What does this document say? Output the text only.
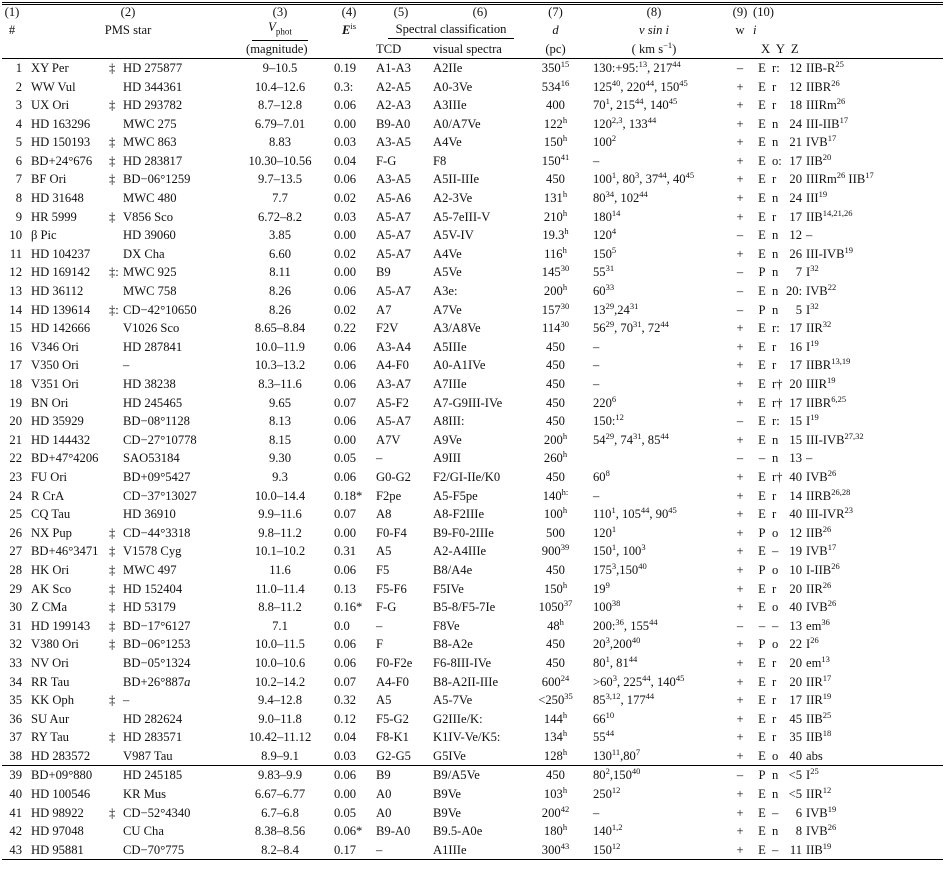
(1)	(2)		(3)	(4)	(5)	(6)	(7)	(8)	(9)	(10)		
#	PMS star		$V_{phot}$	$E^{is}$	Spectral classification		d	v sin i	w	i		
			(magnitude)		TCD	visual spectra	(pc)	( km $s^{-1}$)		X  Y  Z		
1	XY Per	‡ HD 275877	9–10.5	0.19	A1-A3	A2IIe	$350^{15}$	130:+95:$^{13}$, $217^{44}$	–	E	r:	12 IIB-$R^{25}$
2	WW Vul	HD 344361	10.4–12.6	0.3:	A2-A5	A0-3Ve	$534^{16}$	$125^{40}$, $220^{44}$, $150^{45}$	+	E	r	12 IIBR$^{26}$
3	UX Ori	‡ HD 293782	8.7–12.8	0.06	A2-A3	A3IIIe	400	$70^1$, $215^{44}$, $140^{45}$	+	E	r	18 IIIRm$^{26}$
4	HD 163296	MWC 275	6.79–7.01	0.00	B9-A0	A0/A7Ve	122$^h$	120$^{2,3}$, $133^{44}$	+	E	n	24 III-IIB$^{17}$
5	HD 150193	‡ MWC 863	8.83	0.03	A3-A5	A4Ve	150$^h$	$100^2$	+	E	n	21 IVB$^{17}$
6	BD+24°676	‡ HD 283817	10.30–10.56	0.04	F-G	F8	$150^{41}$	–	+	E	o:	17 IIB$^{20}$
7	BF Ori	‡ BD−06°1259	9.7–13.5	0.06	A3-A5	A5II-IIIe	450	$100^1$, $80^3$, $37^{44}$, $40^{45}$	+	E	r	20 IIIRm$^{26}$ IIB$^{17}$
8	HD 31648	MWC 480	7.7	0.02	A5-A6	A2-3Ve	131$^h$	$80^{34}$, $102^{44}$	+	E	n	24 III$^{19}$
9	HR 5999	‡ V856 Sco	6.72–8.2	0.03	A5-A7	A5-7eIII-V	210$^h$	$180^{14}$	+	E	r	17 IIB$^{14,21,26}$
10	β Pic	HD 39060	3.85	0.00	A5-A7	A5V-IV	19.3$^h$	$120^4$	–	E	n	12 –
11	HD 104237	DX Cha	6.60	0.02	A5-A7	A4Ve	116$^h$	$150^5$	+	E	n	26 III-IVB$^{19}$
12	HD 169142	‡: MWC 925	8.11	0.00	B9	A5Ve	$145^{30}$	$55^{31}$	–	P	n	7 $I^{32}$
13	HD 36112	MWC 758	8.26	0.06	A5-A7	A3e:	200$^h$	$60^{33}$	–	E	n	20: IVB$^{22}$
14	HD 139614	‡: CD−42°10650	8.26	0.02	A7	A7Ve	$157^{30}$	$13^{29},24^{31}$	–	P	n	5 $I^{32}$
15	HD 142666	V1026 Sco	8.65–8.84	0.22	F2V	A3/A8Ve	$114^{30}$	$56^{29}$, $70^{31}$, $72^{44}$	+	E	r:	17 IIR$^{32}$
16	V346 Ori	HD 287841	10.0–11.9	0.06	A3-A4	A5IIIe	450	–	+	E	r	16 $I^{19}$
17	V350 Ori	–	10.3–13.2	0.06	A4-F0	A0-A1IVe	450	–	+	E	r	17 IIBR$^{13,19}$
18	V351 Ori	HD 38238	8.3–11.6	0.06	A3-A7	A7IIIe	450	–	+	E	r†	20 IIIR$^{19}$
19	BN Ori	HD 245465	9.65	0.07	A5-F2	A7-G9III-IVe	450	$220^6$	+	E	r†	17 IIBR$^{6,25}$
20	HD 35929	BD−08°1128	8.13	0.06	A5-A7	A8III:	450	150:$^{12}$	–	E	r:	15 $I^{19}$
21	HD 144432	CD−27°10778	8.15	0.00	A7V	A9Ve	200$^h$	$54^{29}$, $74^{31}$, $85^{44}$	+	E	n	15 III-IVB$^{27,32}$
22	BD+47°4206	SAO53184	9.30	0.05	–	A9III	260$^h$		–	–	n	13 –
23	FU Ori	BD+09°5427	9.3	0.06	G0-G2	F2/GI-IIe/K0	450	$60^8$	+	E	r†	40 IVB$^{26}$
24	R CrA	CD−37°13027	10.0–14.4	0.18*	F2pe	A5-F5pe	$140^{h:}$	–	+	E	r	14 IIRB$^{26,28}$
25	CQ Tau	HD 36910	9.9–11.6	0.07	A8	A8-F2IIIe	100$^h$	$110^1$, $105^{44}$, $90^{45}$	+	E	r	40 III-IVR$^{23}$
26	NX Pup	‡ CD−44°3318	9.8–11.2	0.00	F0-F4	B9-F0-2IIIe	500	$120^1$	+	P	o	12 IIB$^{26}$
27	BD+46°3471	‡ V1578 Cyg	10.1–10.2	0.31	A5	A2-A4IIIe	$900^{39}$	$150^1$, $100^3$	+	E	–	19 IVB$^{17}$
28	HK Ori	‡ MWC 497	11.6	0.06	F5	B8/A4e	450	$175^3,150^{40}$	+	P	o	10 I-IIB$^{26}$
29	AK Sco	‡ HD 152404	11.0–11.4	0.13	F5-F6	F5IVe	150$^h$	$19^9$	+	E	r	20 IIR$^{26}$
30	Z CMa	‡ HD 53179	8.8–11.2	0.16*	F-G	B5-8/F5-7Ie	1050$^{37}$	$100^{38}$	+	E	o	40 IVB$^{26}$
31	HD 199143	‡ BD−17°6127	7.1	0.0	–	F8Ve	48$^h$	200:$^{36}$, $155^{44}$	–	–	–	13 $em^{36}$
32	V380 Ori	‡ BD−06°1253	10.0–11.5	0.06	F	B8-A2e	450	$20^3,200^{40}$	+	P	o	22 $I^{26}$
33	NV Ori	BD−05°1324	10.0–10.6	0.06	F0-F2e	F6-8III-IVe	450	$80^1$, $81^{44}$	+	E	r	20 $em^{13}$
34	RR Tau	BD+26°887a	10.2–14.2	0.07	A4-F0	B8-A2II-IIIe	$600^{24}$	$>60^3$, $225^{44}$, $140^{45}$	+	E	r	20 IIR$^{17}$
35	KK Oph	‡ –	9.4–12.8	0.32	A5	A5-7Ve	$<250^{35}$	85$^{3,12}$, $177^{44}$	+	E	r	17 IIR$^{19}$
36	SU Aur	HD 282624	9.0–11.8	0.12	F5-G2	G2IIIe/K:	144$^h$	$66^{10}$	+	E	r	45 IIB$^{25}$
37	RY Tau	‡ HD 283571	10.42–11.12	0.04	F8-K1	K1IV-Ve/K5:	134$^h$	$55^{44}$	+	E	r	35 IIB$^{18}$
38	HD 283572	V987 Tau	8.9–9.1	0.03	G2-G5	G5IVe	128$^h$	$130^{11},80^7$	+	E	o	40 abs
39	BD+09°880	HD 245185	9.83–9.9	0.06	B9	B9/A5Ve	450	$80^2,150^{40}$	–	P	n	<5 $I^{25}$
40	HD 100546	KR Mus	6.67–6.77	0.00	A0	B9Ve	103$^h$	$250^{12}$	+	E	n	<5 IIR$^{12}$
41	HD 98922	‡ CD−52°4340	6.7–6.8	0.05	A0	B9Ve	$200^{42}$	–	+	E	–	6 IVB$^{19}$
42	HD 97048	CU Cha	8.38–8.56	0.06*	B9-A0	B9.5-A0e	180$^h$	$140^{1,2}$	+	E	n	8 IVB$^{26}$
43	HD 95881	CD−70°775	8.2–8.4	0.17	–	A1IIIe	$300^{43}$	$150^{12}$	+	E	–	11 IIB$^{19}$
